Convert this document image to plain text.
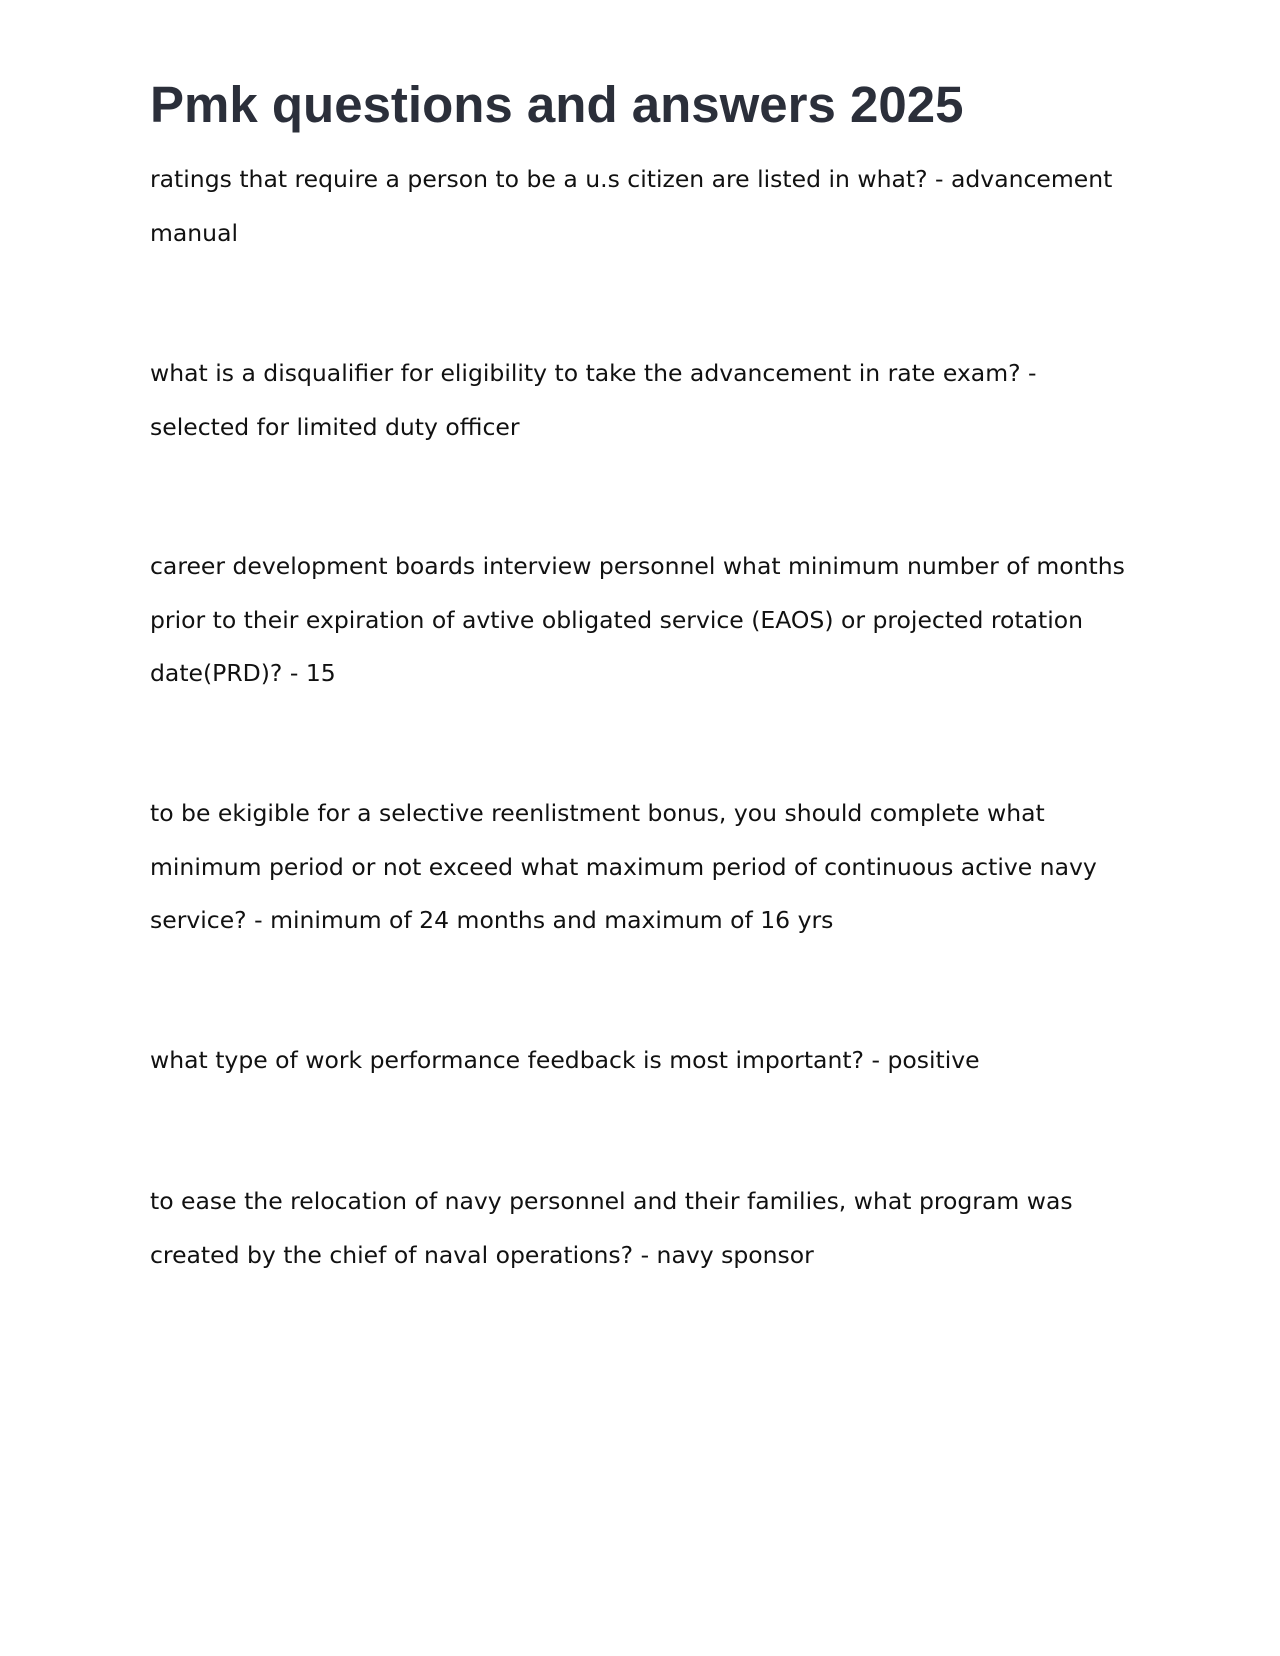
Pmk questions and answers 2025

ratings that require a person to be a u.s citizen are listed in what? - advancement manual

what is a disqualifier for eligibility to take the advancement in rate exam? - selected for limited duty officer

career development boards interview personnel what minimum number of months prior to their expiration of avtive obligated service (EAOS) or projected rotation date(PRD)? - 15

to be ekigible for a selective reenlistment bonus, you should complete what minimum period or not exceed what maximum period of continuous active navy service? - minimum of 24 months and maximum of 16 yrs

what type of work performance feedback is most important? - positive

to ease the relocation of navy personnel and their families, what program was created by the chief of naval operations? - navy sponsor
